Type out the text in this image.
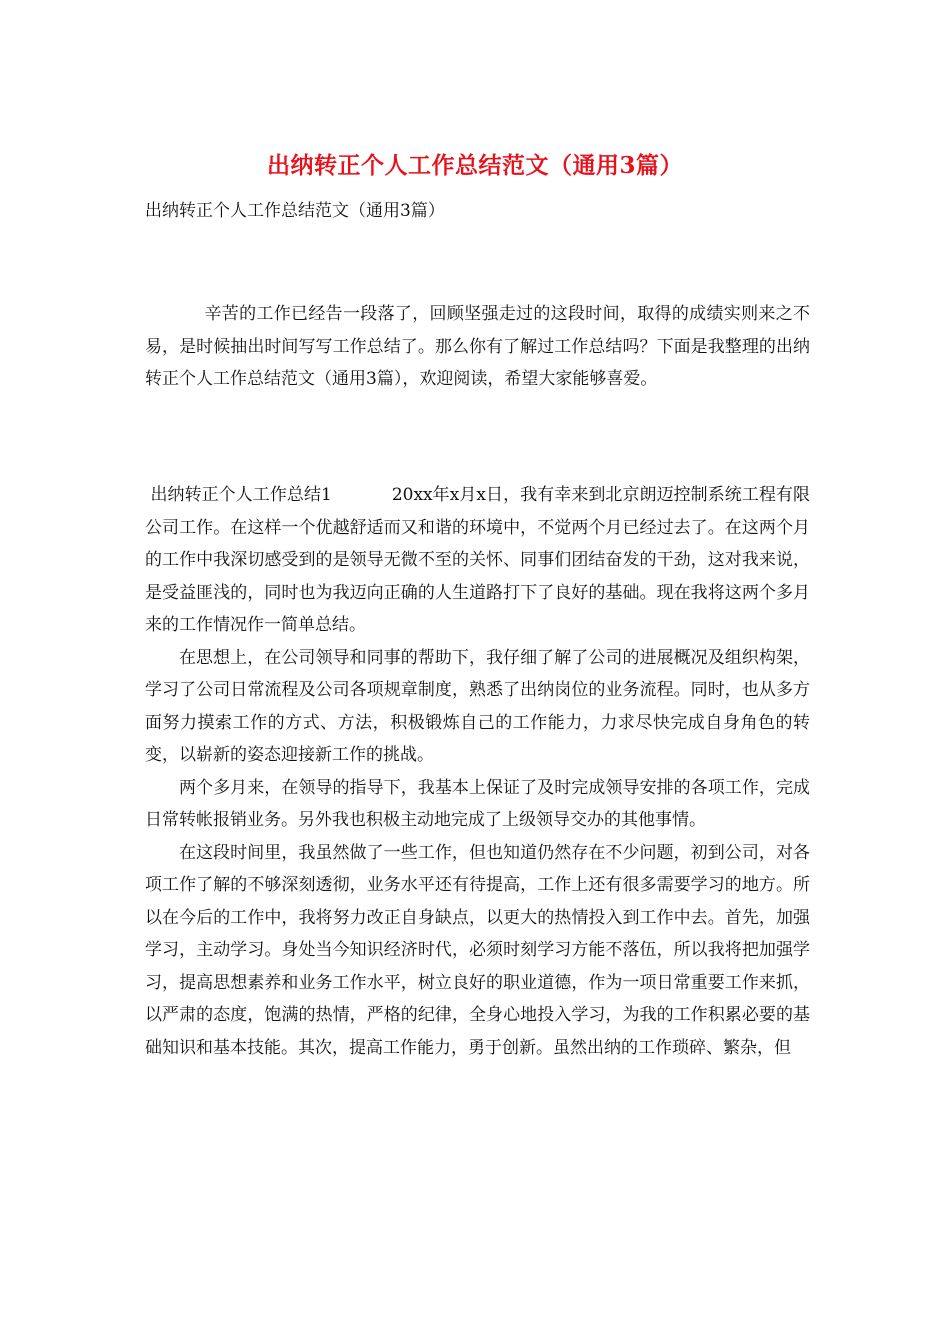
出纳转正个人工作总结范文（通用3篇）
出纳转正个人工作总结范文（通用3篇）

辛苦的工作已经告一段落了，回顾坚强走过的这段时间，取得的成绩实则来之不易，是时候抽出时间写写工作总结了。那么你有了解过工作总结吗？下面是我整理的出纳转正个人工作总结范文（通用3篇），欢迎阅读，希望大家能够喜爱。

出纳转正个人工作总结1	20xx年x月x日，我有幸来到北京朗迈控制系统工程有限公司工作。在这样一个优越舒适而又和谐的环境中，不觉两个月已经过去了。在这两个月的工作中我深切感受到的是领导无微不至的关怀、同事们团结奋发的干劲，这对我来说，是受益匪浅的，同时也为我迈向正确的人生道路打下了良好的基础。现在我将这两个多月来的工作情况作一简单总结。

在思想上，在公司领导和同事的帮助下，我仔细了解了公司的进展概况及组织构架，学习了公司日常流程及公司各项规章制度，熟悉了出纳岗位的业务流程。同时，也从多方面努力摸索工作的方式、方法，积极锻炼自己的工作能力，力求尽快完成自身角色的转变，以崭新的姿态迎接新工作的挑战。

两个多月来，在领导的指导下，我基本上保证了及时完成领导安排的各项工作，完成日常转帐报销业务。另外我也积极主动地完成了上级领导交办的其他事情。

在这段时间里，我虽然做了一些工作，但也知道仍然存在不少问题，初到公司，对各项工作了解的不够深刻透彻，业务水平还有待提高，工作上还有很多需要学习的地方。所以在今后的工作中，我将努力改正自身缺点，以更大的热情投入到工作中去。首先，加强学习，主动学习。身处当今知识经济时代，必须时刻学习方能不落伍，所以我将把加强学习，提高思想素养和业务工作水平，树立良好的职业道德，作为一项日常重要工作来抓，以严肃的态度，饱满的热情，严格的纪律，全身心地投入学习，为我的工作积累必要的基础知识和基本技能。其次，提高工作能力，勇于创新。虽然出纳的工作琐碎、繁杂，但
